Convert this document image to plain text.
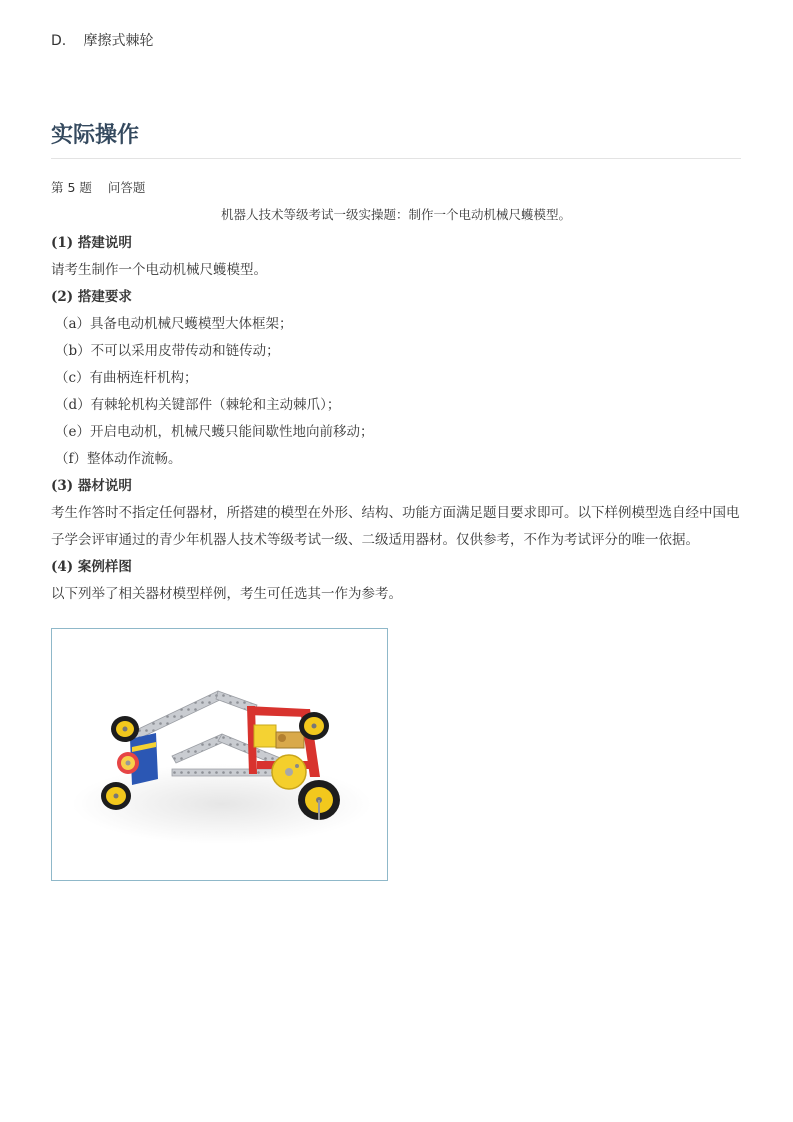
D. 摩擦式棘轮
实际操作
第 5 题 问答题
机器人技术等级考试一级实操题：制作一个电动机械尺蠖模型。

(1) 搭建说明

请考生制作一个电动机械尺蠖模型。

(2) 搭建要求

（a）具备电动机械尺蠖模型大体框架；

（b）不可以采用皮带传动和链传动；

（c）有曲柄连杆机构；

（d）有棘轮机构关键部件（棘轮和主动棘爪）；

（e）开启电动机，机械尺蠖只能间歇性地向前移动；

（f）整体动作流畅。

(3) 器材说明

考生作答时不指定任何器材，所搭建的模型在外形、结构、功能方面满足题目要求即可。以下样例模型选自经中国电子学会评审通过的青少年机器人技术等级考试一级、二级适用器材。仅供参考，不作为考试评分的唯一依据。

(4) 案例样图

以下列举了相关器材模型样例，考生可任选其一作为参考。
